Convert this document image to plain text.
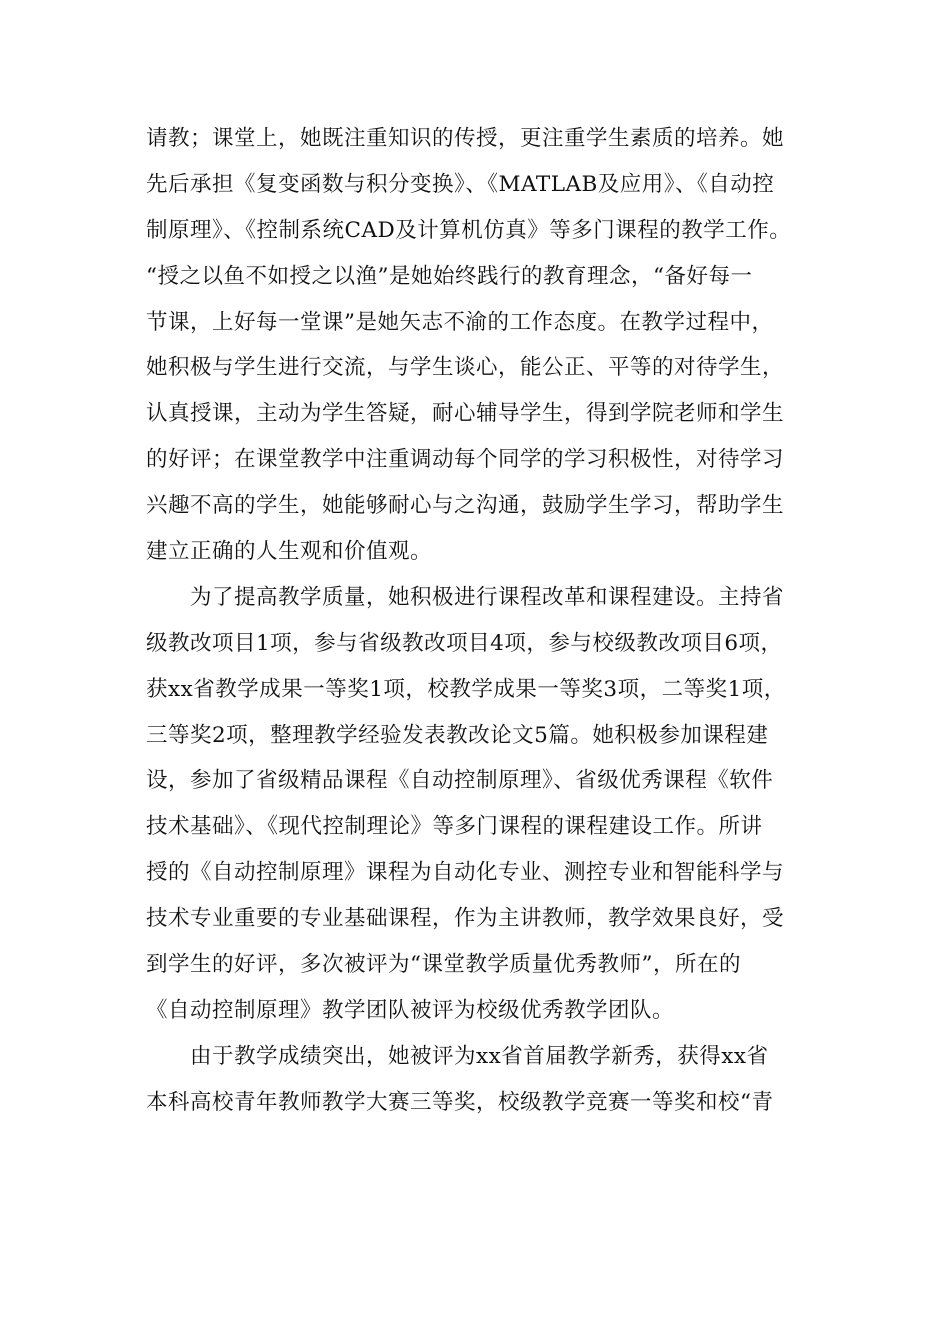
请教；课堂上，她既注重知识的传授，更注重学生素质的培养。她
先后承担《复变函数与积分变换》、《MATLAB及应用》、《自动控
制原理》、《控制系统CAD及计算机仿真》等多门课程的教学工作。
“授之以鱼不如授之以渔”是她始终践行的教育理念，“备好每一
节课，上好每一堂课”是她矢志不渝的工作态度。在教学过程中，
她积极与学生进行交流，与学生谈心，能公正、平等的对待学生，
认真授课，主动为学生答疑，耐心辅导学生，得到学院老师和学生
的好评；在课堂教学中注重调动每个同学的学习积极性，对待学习
兴趣不高的学生，她能够耐心与之沟通，鼓励学生学习，帮助学生
建立正确的人生观和价值观。
为了提高教学质量，她积极进行课程改革和课程建设。主持省
级教改项目1项，参与省级教改项目4项，参与校级教改项目6项，
获xx省教学成果一等奖1项，校教学成果一等奖3项，二等奖1项，
三等奖2项，整理教学经验发表教改论文5篇。她积极参加课程建
设，参加了省级精品课程《自动控制原理》、省级优秀课程《软件
技术基础》、《现代控制理论》等多门课程的课程建设工作。所讲
授的《自动控制原理》课程为自动化专业、测控专业和智能科学与
技术专业重要的专业基础课程，作为主讲教师，教学效果良好，受
到学生的好评，多次被评为“课堂教学质量优秀教师”，所在的
《自动控制原理》教学团队被评为校级优秀教学团队。
由于教学成绩突出，她被评为xx省首届教学新秀，获得xx省
本科高校青年教师教学大赛三等奖，校级教学竞赛一等奖和校“青
